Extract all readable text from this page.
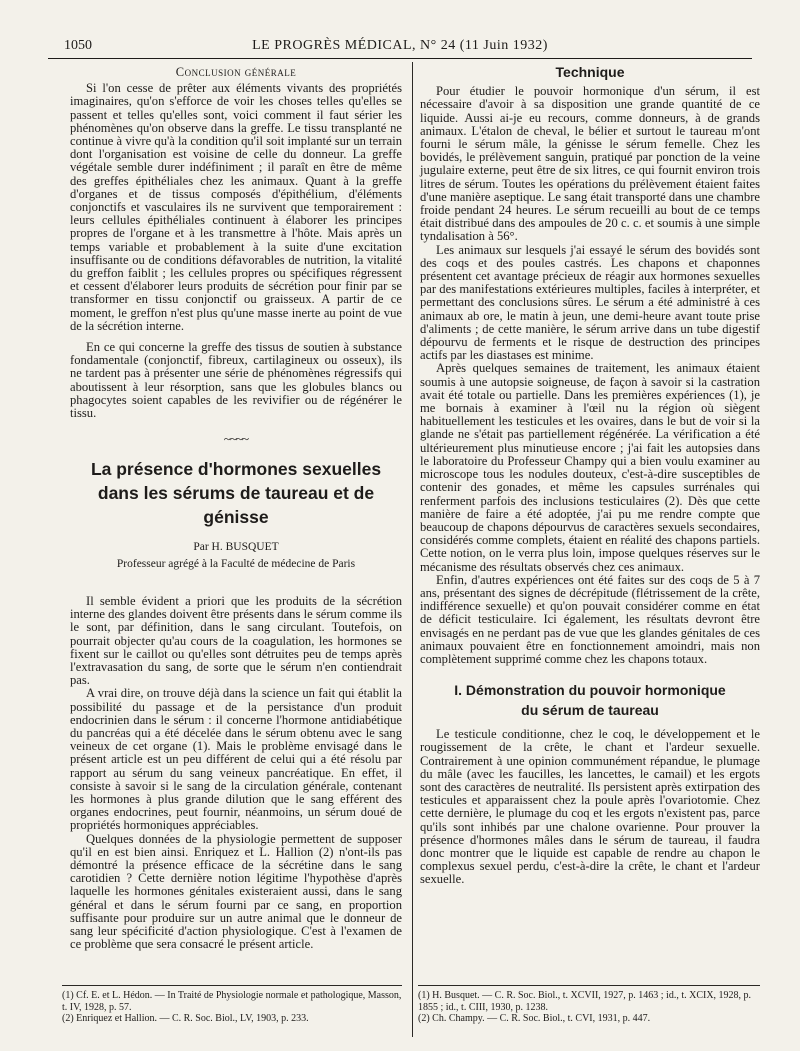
1050	LE PROGRÈS MÉDICAL, N° 24 (11 Juin 1932)
Conclusion générale

Si l'on cesse de prêter aux éléments vivants des propriétés imaginaires, qu'on s'efforce de voir les choses telles qu'elles se passent et telles qu'elles sont, voici comment il faut sérier les phénomènes qu'on observe dans la greffe. Le tissu transplanté ne continue à vivre qu'à la condition qu'il soit implanté sur un terrain dont l'organisation est voisine de celle du donneur. La greffe végétale semble durer indéfiniment ; il paraît en être de même des greffes épithéliales chez les animaux. Quant à la greffe d'organes et de tissus composés d'épithélium, d'éléments conjonctifs et vasculaires ils ne survivent que temporairement : leurs cellules épithéliales continuent à élaborer les principes propres de l'organe et à les transmettre à l'hôte. Mais après un temps variable et probablement à la suite d'une excitation insuffisante ou de conditions défavorables de nutrition, la vitalité du greffon faiblit ; les cellules propres ou spécifiques régressent et cessent d'élaborer leurs produits de sécrétion pour finir par se transformer en tissu conjonctif ou graisseux. A partir de ce moment, le greffon n'est plus qu'une masse inerte au point de vue de la sécrétion interne.

En ce qui concerne la greffe des tissus de soutien à substance fondamentale (conjonctif, fibreux, cartilagineux ou osseux), ils ne tardent pas à présenter une série de phénomènes régressifs qui aboutissent à leur résorption, sans que les globules blancs ou phagocytes soient capables de les revivifier ou de régénérer le tissu.

~~~~
La présence d'hormones sexuelles
dans les sérums de taureau et de génisse
Par H. BUSQUET
Professeur agrégé à la Faculté de médecine de Paris

Il semble évident a priori que les produits de la sécrétion interne des glandes doivent être présents dans le sérum comme ils le sont, par définition, dans le sang circulant. Toutefois, on pourrait objecter qu'au cours de la coagulation, les hormones se fixent sur le caillot ou qu'elles sont détruites peu de temps après l'extravasation du sang, de sorte que le sérum n'en contiendrait pas.

A vrai dire, on trouve déjà dans la science un fait qui établit la possibilité du passage et de la persistance d'un produit endocrinien dans le sérum : il concerne l'hormone antidiabétique du pancréas qui a été décelée dans le sérum obtenu avec le sang veineux de cet organe (1). Mais le problème envisagé dans le présent article est un peu différent de celui qui a été résolu par rapport au sérum du sang veineux pancréatique. En effet, il consiste à savoir si le sang de la circulation générale, contenant les hormones à plus grande dilution que le sang efférent des organes endocrines, peut fournir, néanmoins, un sérum doué de propriétés hormoniques appréciables.

Quelques données de la physiologie permettent de supposer qu'il en est bien ainsi. Enriquez et L. Hallion (2) n'ont-ils pas démontré la présence efficace de la sécrétine dans le sang carotidien ? Cette dernière notion légitime l'hypothèse d'après laquelle les hormones génitales existeraient aussi, dans le sang général et dans le sérum fourni par ce sang, en proportion suffisante pour produire sur un autre animal que le donneur de sang leur spécificité d'action physiologique. C'est à l'examen de ce problème que sera consacré le présent article.

Technique

Pour étudier le pouvoir hormonique d'un sérum, il est nécessaire d'avoir à sa disposition une grande quantité de ce liquide. Aussi ai-je eu recours, comme donneurs, à de grands animaux. L'étalon de cheval, le bélier et surtout le taureau m'ont fourni le sérum mâle, la génisse le sérum femelle. Chez les bovidés, le prélèvement sanguin, pratiqué par ponction de la veine jugulaire externe, peut être de six litres, ce qui fournit environ trois litres de sérum. Toutes les opérations du prélèvement étaient faites d'une manière aseptique. Le sang était transporté dans une chambre froide pendant 24 heures. Le sérum recueilli au bout de ce temps était distribué dans des ampoules de 20 c. c. et soumis à une simple tyndalisation à 56°.

Les animaux sur lesquels j'ai essayé le sérum des bovidés sont des coqs et des poules castrés. Les chapons et chaponnes présentent cet avantage précieux de réagir aux hormones sexuelles par des manifestations extérieures multiples, faciles à interpréter, et permettant des conclusions sûres. Le sérum a été administré à ces animaux ab ore, le matin à jeun, une demi-heure avant toute prise d'aliments ; de cette manière, le sérum arrive dans un tube digestif dépourvu de ferments et le risque de destruction des principes actifs par les diastases est minime.

Après quelques semaines de traitement, les animaux étaient soumis à une autopsie soigneuse, de façon à savoir si la castration avait été totale ou partielle. Dans les premières expériences (1), je me bornais à examiner à l'œil nu la région où siègent habituellement les testicules et les ovaires, dans le but de voir si la glande ne s'était pas partiellement régénérée. La vérification a été ultérieurement plus minutieuse encore ; j'ai fait les autopsies dans le laboratoire du Professeur Champy qui a bien voulu examiner au microscope tous les nodules douteux, c'est-à-dire susceptibles de contenir des gonades, et même les capsules surrénales qui renferment parfois des inclusions testiculaires (2). Dès que cette manière de faire a été adoptée, j'ai pu me rendre compte que beaucoup de chapons dépourvus de caractères sexuels secondaires, considérés comme complets, étaient en réalité des chapons partiels. Cette notion, on le verra plus loin, impose quelques réserves sur le mécanisme des résultats observés chez ces animaux.

Enfin, d'autres expériences ont été faites sur des coqs de 5 à 7 ans, présentant des signes de décrépitude (flétrissement de la crête, indifférence sexuelle) et qu'on pouvait considérer comme en état de déficit testiculaire. Ici également, les résultats devront être envisagés en ne perdant pas de vue que les glandes génitales de ces animaux pouvaient être en fonctionnement amoindri, mais non complètement supprimé comme chez les chapons totaux.

I. Démonstration du pouvoir hormonique
du sérum de taureau

Le testicule conditionne, chez le coq, le développement et le rougissement de la crête, le chant et l'ardeur sexuelle. Contrairement à une opinion communément répandue, le plumage du mâle (avec les faucilles, les lancettes, le camail) et les ergots sont des caractères de neutralité. Ils persistent après extirpation des testicules et apparaissent chez la poule après l'ovariotomie. Chez cette dernière, le plumage du coq et les ergots n'existent pas, parce qu'ils sont inhibés par une chalone ovarienne. Pour prouver la présence d'hormones mâles dans le sérum de taureau, il faudra donc montrer que le liquide est capable de rendre au chapon le complexus sexuel perdu, c'est-à-dire la crête, le chant et l'ardeur sexuelle.

(1) Cf. E. et L. Hédon. — In Traité de Physiologie normale et pathologique, Masson, t. IV, 1928, p. 57.

(2) Enriquez et Hallion. — C. R. Soc. Biol., LV, 1903, p. 233.

(1) H. Busquet. — C. R. Soc. Biol., t. XCVII, 1927, p. 1463 ; id., t. XCIX, 1928, p. 1855 ; id., t. CIII, 1930, p. 1238.

(2) Ch. Champy. — C. R. Soc. Biol., t. CVI, 1931, p. 447.
